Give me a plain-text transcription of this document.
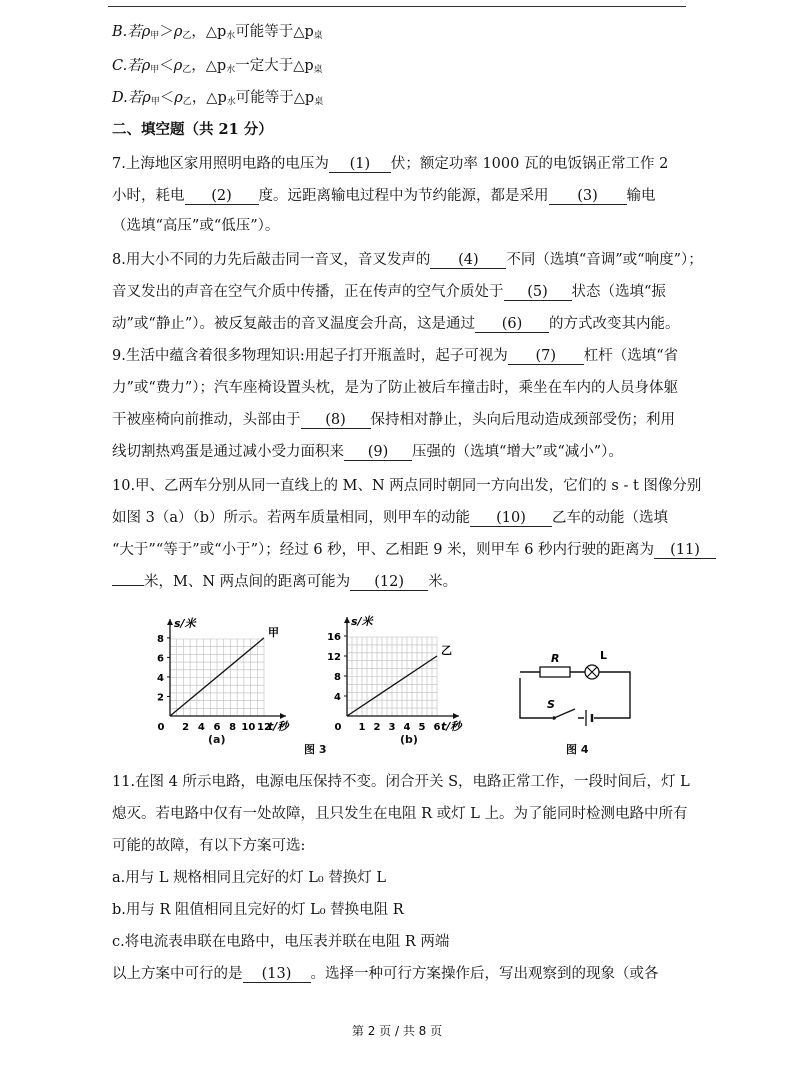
B.若$\rho_甲>\rho_乙$，$\triangle p_水$可能等于$\triangle p_桌$
C.若$\rho_甲<\rho_乙$，$\triangle p_水$一定大于$\triangle p_桌$
D.若$\rho_甲<\rho_乙$，$\triangle p_水$可能等于$\triangle p_桌$
二、填空题（共 21 分）
7.上海地区家用照明电路的电压为 (1) 伏；额定功率 1000 瓦的电饭锅正常工作 2
小时，耗电 (2) 度。远距离输电过程中为节约能源，都是采用 (3) 输电
（选填“高压”或“低压”）。
8.用大小不同的力先后敲击同一音叉，音叉发声的 (4) 不同（选填“音调”或“响度”）；
音叉发出的声音在空气介质中传播，正在传声的空气介质处于 (5) 状态（选填“振
动”或“静止”）。被反复敲击的音叉温度会升高，这是通过 (6) 的方式改变其内能。
9.生活中蕴含着很多物理知识:用起子打开瓶盖时，起子可视为 (7) 杠杆（选填“省
力”或“费力”）；汽车座椅设置头枕，是为了防止被后车撞击时，乘坐在车内的人员身体躯
干被座椅向前推动，头部由于 (8) 保持相对静止，头向后甩动造成颈部受伤；利用
线切割热鸡蛋是通过减小受力面积来 (9) 压强的（选填“增大”或“减小”）。
10.甲、乙两车分别从同一直线上的 M、N 两点同时朝同一方向出发，它们的 s - t 图像分别
如图 3（a）（b）所示。若两车质量相同，则甲车的动能 (10) 乙车的动能（选填
“大于”“等于”或“小于”）；经过 6 秒，甲、乙相距 9 米，则甲车 6 秒内行驶的距离为 (11)
米，M、N 两点间的距离可能为 (12) 米。
0 2 4 6 8 10 12
2
4
6
8
s/米
t/秒
甲
0 1 2 3 4 5 6
4
8
12
16
s/米
t/秒
乙
R	L
S
(a)	(b)
图 3	图 4
11.在图 4 所示电路，电源电压保持不变。闭合开关 S，电路正常工作，一段时间后，灯 L
熄灭。若电路中仅有一处故障，且只发生在电阻 R 或灯 L 上。为了能同时检测电路中所有
可能的故障，有以下方案可选:
a.用与 L 规格相同且完好的灯 L₀ 替换灯 L
b.用与 R 阻值相同且完好的灯 L₀ 替换电阻 R
c.将电流表串联在电路中，电压表并联在电阻 R 两端
以上方案中可行的是 (13) 。选择一种可行方案操作后，写出观察到的现象（或各
第 2 页 / 共 8 页
